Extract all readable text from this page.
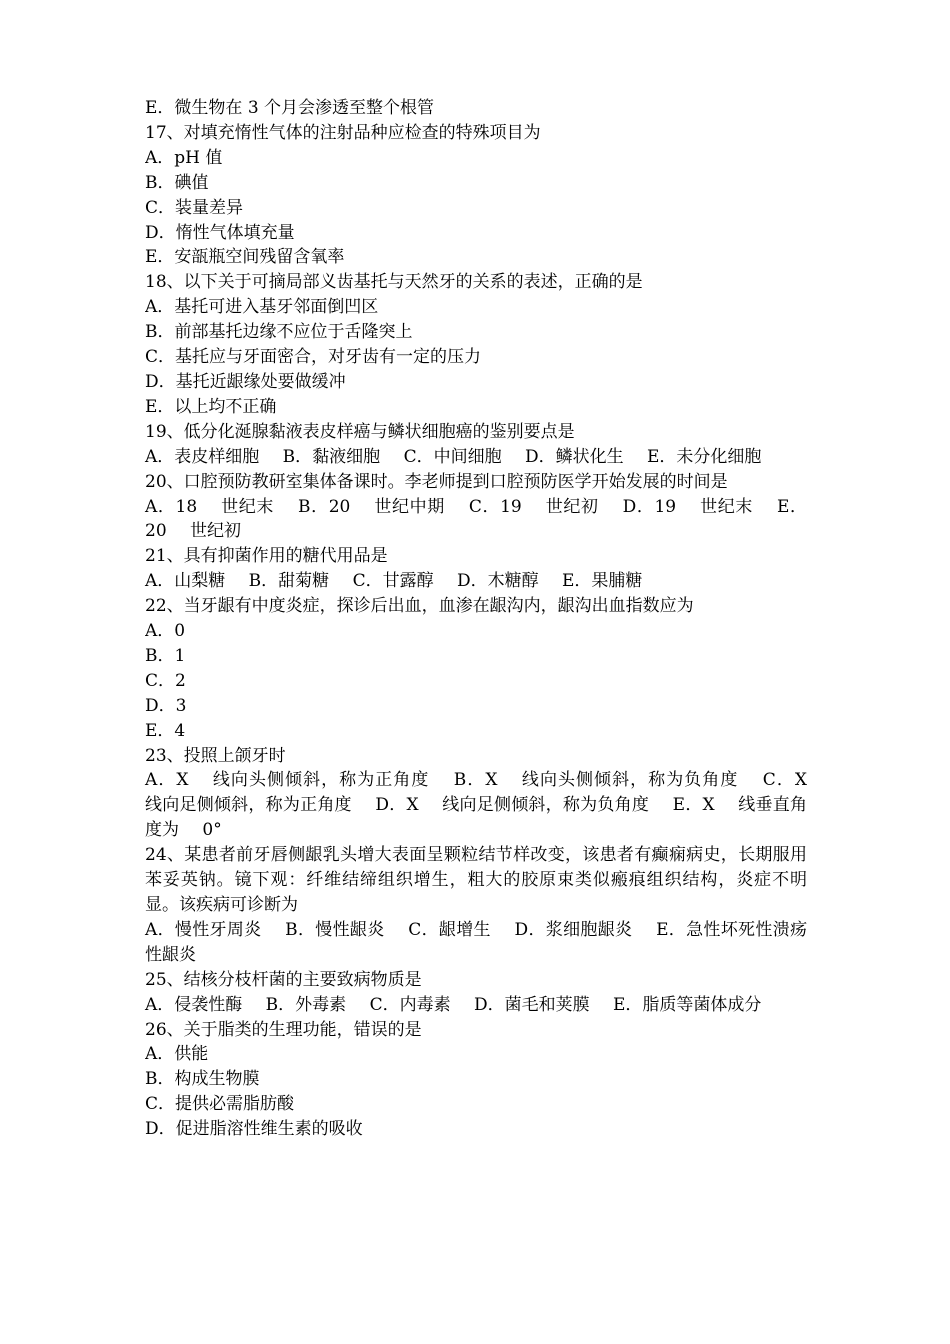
E．微生物在 3 个月会渗透至整个根管
17、对填充惰性气体的注射品种应检查的特殊项目为
A．pH 值
B．碘值
C．装量差异
D．惰性气体填充量
E．安瓿瓶空间残留含氧率
18、以下关于可摘局部义齿基托与天然牙的关系的表述，正确的是
A．基托可进入基牙邻面倒凹区
B．前部基托边缘不应位于舌隆突上
C．基托应与牙面密合，对牙齿有一定的压力
D．基托近龈缘处要做缓冲
E．以上均不正确
19、低分化涎腺黏液表皮样癌与鳞状细胞癌的鉴别要点是
A．表皮样细胞 B．黏液细胞 C．中间细胞 D．鳞状化生 E．未分化细胞
20、口腔预防教研室集体备课时。李老师提到口腔预防医学开始发展的时间是
A．18 世纪末 B．20 世纪中期 C．19 世纪初 D．19 世纪末 E．20 世纪初
21、具有抑菌作用的糖代用品是
A．山梨糖 B．甜菊糖 C．甘露醇 D．木糖醇 E．果脯糖
22、当牙龈有中度炎症，探诊后出血，血渗在龈沟内，龈沟出血指数应为
A．0
B．1
C．2
D．3
E．4
23、投照上颌牙时
A．X 线向头侧倾斜，称为正角度 B．X 线向头侧倾斜，称为负角度 C．X 线向足侧倾斜，称为正角度 D．X 线向足侧倾斜，称为负角度 E．X 线垂直角度为 0°
24、某患者前牙唇侧龈乳头增大表面呈颗粒结节样改变，该患者有癫痫病史，长期服用苯妥英钠。镜下观：纤维结缔组织增生，粗大的胶原束类似瘢痕组织结构，炎症不明显。该疾病可诊断为
A．慢性牙周炎 B．慢性龈炎 C．龈增生 D．浆细胞龈炎 E．急性坏死性溃疡性龈炎
25、结核分枝杆菌的主要致病物质是
A．侵袭性酶 B．外毒素 C．内毒素 D．菌毛和荚膜 E．脂质等菌体成分
26、关于脂类的生理功能，错误的是
A．供能
B．构成生物膜
C．提供必需脂肪酸
D．促进脂溶性维生素的吸收
